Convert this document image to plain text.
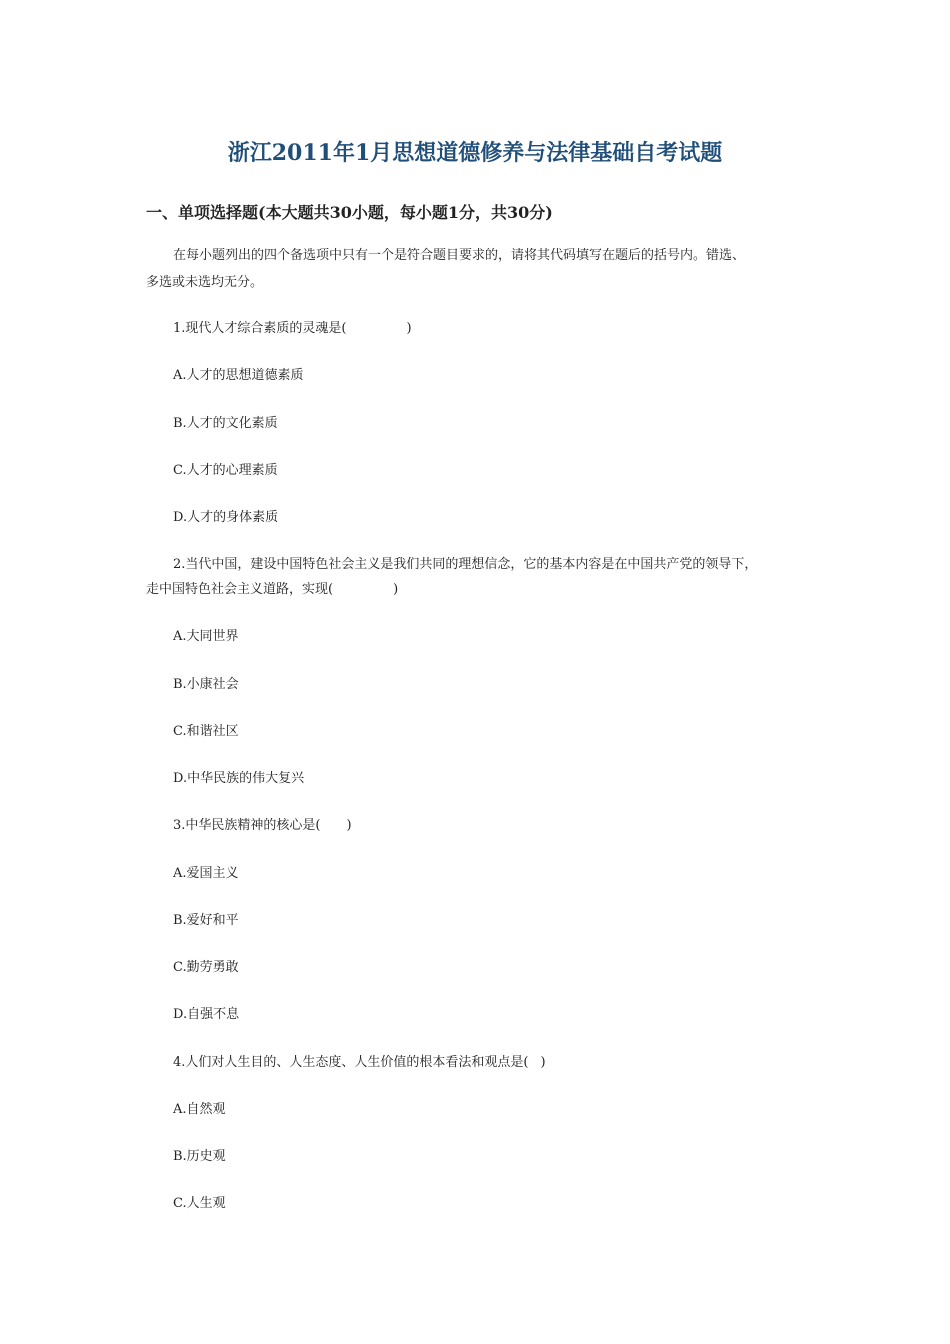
浙江2011年1月思想道德修养与法律基础自考试题
一、单项选择题(本大题共30小题，每小题1分，共30分)
在每小题列出的四个备选项中只有一个是符合题目要求的，请将其代码填写在题后的括号内。错选、
多选或未选均无分。
1.现代人才综合素质的灵魂是(	)
A.人才的思想道德素质
B.人才的文化素质
C.人才的心理素质
D.人才的身体素质
2.当代中国，建设中国特色社会主义是我们共同的理想信念，它的基本内容是在中国共产党的领导下，
走中国特色社会主义道路，实现(	)
A.大同世界
B.小康社会
C.和谐社区
D.中华民族的伟大复兴
3.中华民族精神的核心是( )
A.爱国主义
B.爱好和平
C.勤劳勇敢
D.自强不息
4.人们对人生目的、人生态度、人生价值的根本看法和观点是( )
A.自然观
B.历史观
C.人生观
